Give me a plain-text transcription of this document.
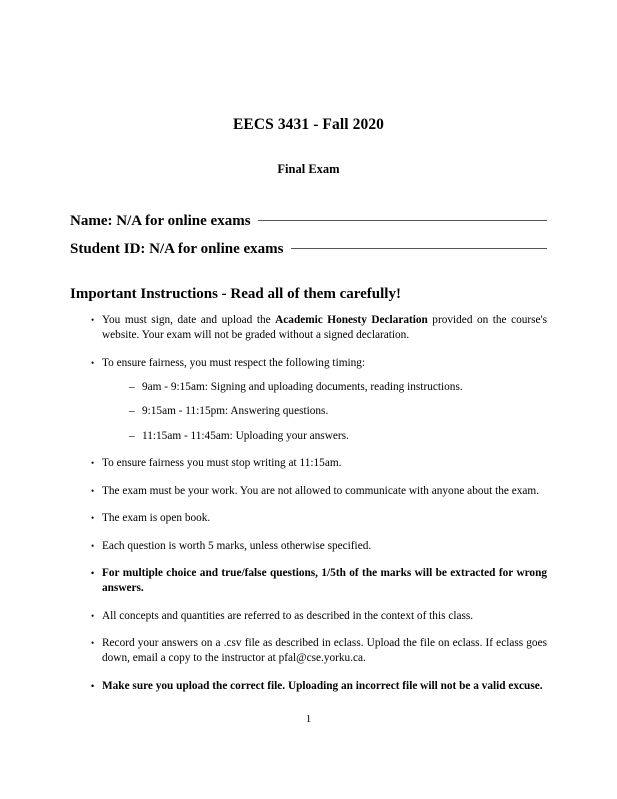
EECS 3431 - Fall 2020
Final Exam
Name: N/A for online exams
Student ID: N/A for online exams
Important Instructions - Read all of them carefully!
• You must sign, date and upload the Academic Honesty Declaration provided on the course's website. Your exam will not be graded without a signed declaration.
• To ensure fairness, you must respect the following timing:
– 9am - 9:15am: Signing and uploading documents, reading instructions.
– 9:15am - 11:15pm: Answering questions.
– 11:15am - 11:45am: Uploading your answers.
• To ensure fairness you must stop writing at 11:15am.
• The exam must be your work. You are not allowed to communicate with anyone about the exam.
• The exam is open book.
• Each question is worth 5 marks, unless otherwise specified.
• For multiple choice and true/false questions, 1/5th of the marks will be extracted for wrong answers.
• All concepts and quantities are referred to as described in the context of this class.
• Record your answers on a .csv file as described in eclass. Upload the file on eclass. If eclass goes down, email a copy to the instructor at pfal@cse.yorku.ca.
• Make sure you upload the correct file. Uploading an incorrect file will not be a valid excuse.
1
